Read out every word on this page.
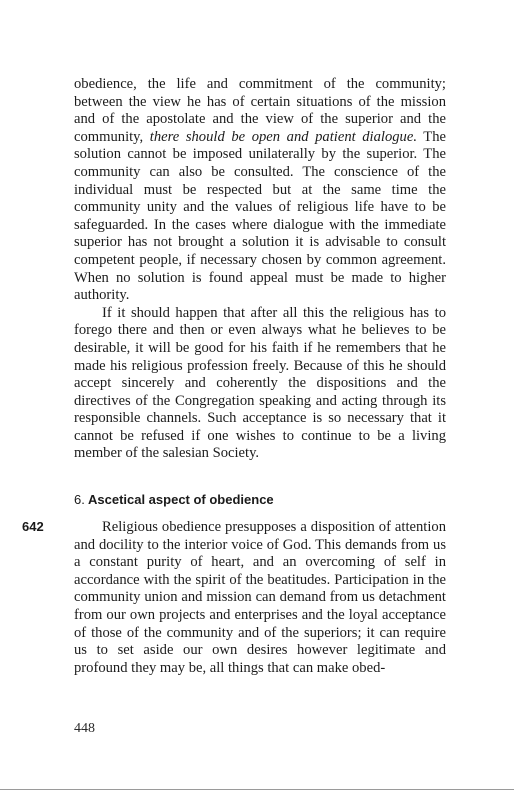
obedience, the life and commitment of the community; between the view he has of certain situations of the mission and of the apostolate and the view of the superior and the community, there should be open and patient dialogue. The solution cannot be imposed unilaterally by the superior. The community can also be consulted. The conscience of the individual must be respected but at the same time the community unity and the values of religious life have to be safeguarded. In the cases where dialogue with the immediate superior has not brought a solution it is advisable to consult competent people, if necessary chosen by common agreement. When no solution is found appeal must be made to higher authority.

If it should happen that after all this the religious has to forego there and then or even always what he believes to be desirable, it will be good for his faith if he remembers that he made his religious profession freely. Because of this he should accept sincerely and coherently the dispositions and the directives of the Congregation speaking and acting through its responsible channels. Such acceptance is so necessary that it cannot be refused if one wishes to continue to be a living member of the salesian Society.

6. Ascetical aspect of obedience
642	Religious obedience presupposes a disposition of attention and docility to the interior voice of God. This demands from us a constant purity of heart, and an overcoming of self in accordance with the spirit of the beatitudes. Participation in the community union and mission can demand from us detachment from our own projects and enterprises and the loyal acceptance of those of the community and of the superiors; it can require us to set aside our own desires however legitimate and profound they may be, all things that can make obed-

448
